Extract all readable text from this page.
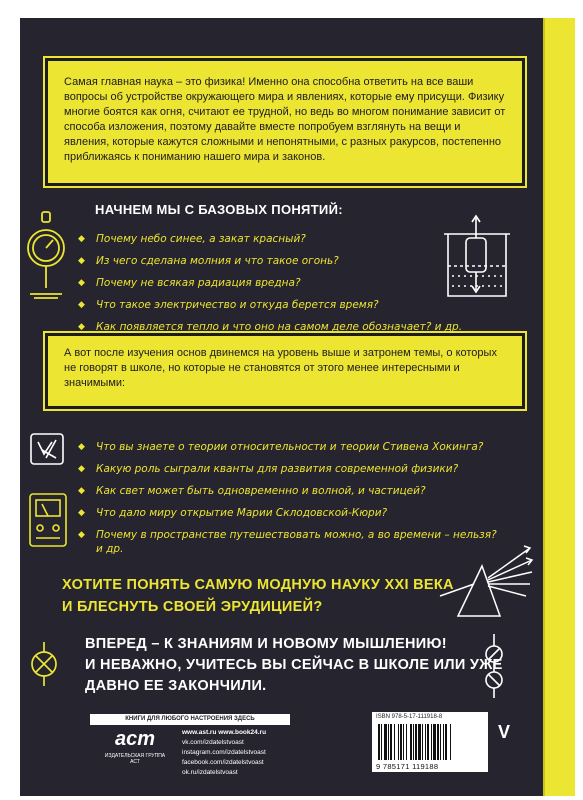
Самая главная наука – это физика! Именно она способна ответить на все ваши вопросы об устройстве окружающего мира и явлениях, которые ему присущи. Физику многие боятся как огня, считают ее трудной, но ведь во многом понимание зависит от способа изложения, поэтому давайте вместе попробуем взглянуть на вещи и явления, которые кажутся сложными и непонятными, с разных ракурсов, постепенно приближаясь к пониманию нашего мира и законов.

НАЧНЕМ МЫ С БАЗОВЫХ ПОНЯТИЙ:
◆ Почему небо синее, а закат красный?
◆ Из чего сделана молния и что такое огонь?
◆ Почему не всякая радиация вредна?
◆ Что такое электричество и откуда берется время?
◆ Как появляется тепло и что оно на самом деле обозначает? и др.

А вот после изучения основ двинемся на уровень выше и затронем темы, о которых не говорят в школе, но которые не становятся от этого менее интересными и значимыми:

◆ Что вы знаете о теории относительности и теории Стивена Хокинга?
◆ Какую роль сыграли кванты для развития современной физики?
◆ Как свет может быть одновременно и волной, и частицей?
◆ Что дало миру открытие Марии Склодовской-Кюри?
◆ Почему в пространстве путешествовать можно, а во времени – нельзя? и др.
ХОТИТЕ ПОНЯТЬ САМУЮ МОДНУЮ НАУКУ XXI ВЕКА
И БЛЕСНУТЬ СВОЕЙ ЭРУДИЦИЕЙ?
ВПЕРЕД – К ЗНАНИЯМ И НОВОМУ МЫШЛЕНИЮ!
И НЕВАЖНО, УЧИТЕСЬ ВЫ СЕЙЧАС В ШКОЛЕ ИЛИ УЖЕ
ДАВНО ЕЕ ЗАКОНЧИЛИ.
КНИГИ ДЛЯ ЛЮБОГО НАСТРОЕНИЯ ЗДЕСЬ
аст
ИЗДАТЕЛЬСКАЯ ГРУППА АСТ
www.ast.ru www.book24.ru
vk.com/izdatelstvoast
instagram.com/izdatelstvoast
facebook.com/izdatelstvoast
ok.ru/izdatelstvoast
ISBN 978-5-17-111918-8
9 785171 119188
V
